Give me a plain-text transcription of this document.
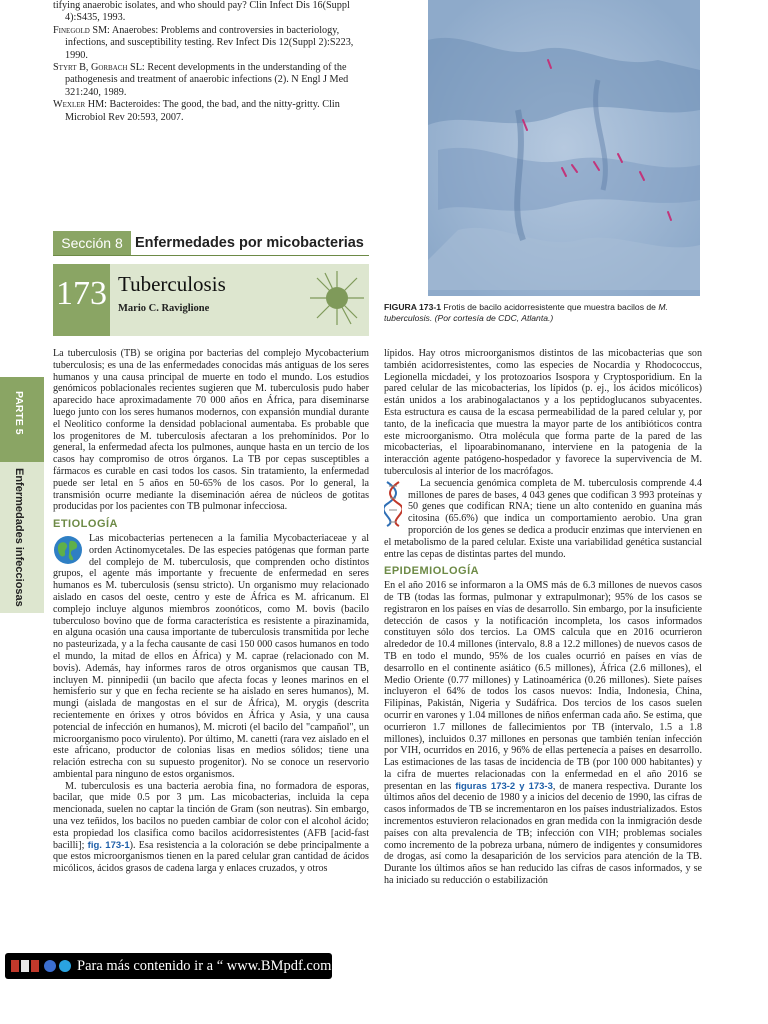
tifying anaerobic isolates, and who should pay? Clin Infect Dis 16(Suppl 4):S435, 1993.

Finegold SM: Anaerobes: Problems and controversies in bacteriology, infections, and susceptibility testing. Rev Infect Dis 12(Suppl 2):S223, 1990.

Styrt B, Gorbach SL: Recent developments in the understanding of the pathogenesis and treatment of anaerobic infections (2). N Engl J Med 321:240, 1989.

Wexler HM: Bacteroides: The good, the bad, and the nitty-gritty. Clin Microbiol Rev 20:593, 2007.

FIGURA 173-1 Frotis de bacilo acidorresistente que muestra bacilos de M. tuberculosis. (Por cortesía de CDC, Atlanta.)
Sección 8 Enfermedades por micobacterias
173 Tuberculosis
Mario C. Raviglione
PARTE 5
Enfermedades infecciosas

La tuberculosis (TB) se origina por bacterias del complejo Mycobacterium tuberculosis; es una de las enfermedades conocidas más antiguas de los seres humanos y una causa principal de muerte en todo el mundo. Los estudios genómicos poblacionales recientes sugieren que M. tuberculosis pudo haber aparecido hace aproximadamente 70 000 años en África, para diseminarse luego junto con los seres humanos modernos, con expansión mundial durante el Neolítico conforme la densidad poblacional aumentaba. Es probable que los progenitores de M. tuberculosis afectaran a los prehomínidos. Por lo general, la enfermedad afecta los pulmones, aunque hasta en un tercio de los casos hay compromiso de otros órganos. La TB por cepas susceptibles a fármacos es curable en casi todos los casos. Sin tratamiento, la enfermedad puede ser letal en 5 años en 50-65% de los casos. Por lo general, la transmisión ocurre mediante la diseminación aérea de núcleos de gotitas producidas por los pacientes con TB pulmonar infecciosa.

ETIOLOGÍA

Las micobacterias pertenecen a la familia Mycobacteriaceae y al orden Actinomycetales. De las especies patógenas que forman parte del complejo de M. tuberculosis, que comprenden ocho distintos grupos, el agente más importante y frecuente de enfermedad en seres humanos es M. tuberculosis (sensu stricto). Un organismo muy relacionado aislado en casos del oeste, centro y este de África es M. africanum. El complejo incluye algunos miembros zoonóticos, como M. bovis (bacilo tuberculoso bovino que de forma característica es resistente a pirazinamida, en alguna ocasión una causa importante de tuberculosis transmitida por leche no pasteurizada, y a la fecha causante de casi 150 000 casos humanos en todo el mundo, la mitad de ellos en África) y M. caprae (relacionado con M. bovis). Además, hay informes raros de otros organismos que causan TB, incluyen M. pinnipedii (un bacilo que afecta focas y leones marinos en el hemisferio sur y que en fecha reciente se ha aislado en seres humanos), M. mungi (aislada de mangostas en el sur de África), M. orygis (descrita recientemente en órixes y otros bóvidos en África y Asia, y una causa potencial de infección en humanos), M. microti (el bacilo del "campañol", un microorganismo poco virulento). Por último, M. canetti (rara vez aislado en el este africano, productor de colonias lisas en medios sólidos; tiene una relación estrecha con su supuesto progenitor). No se conoce un reservorio ambiental para ninguno de estos organismos.

M. tuberculosis es una bacteria aerobia fina, no formadora de esporas, bacilar, que mide 0.5 por 3 µm. Las micobacterias, incluida la cepa mencionada, suelen no captar la tinción de Gram (son neutras). Sin embargo, una vez teñidos, los bacilos no pueden cambiar de color con el alcohol ácido; esta propiedad los clasifica como bacilos acidorresistentes (AFB [acid-fast bacilli]; fig. 173-1). Esa resistencia a la coloración se debe principalmente a que estos microorganismos tienen en la pared celular gran cantidad de ácidos micólicos, ácidos grasos de cadena larga y enlaces cruzados, y otros

lípidos. Hay otros microorganismos distintos de las micobacterias que son también acidorresistentes, como las especies de Nocardia y Rhodococcus, Legionella micdadei, y los protozoarios Isospora y Cryptosporidium. En la pared celular de las micobacterias, los lípidos (p. ej., los ácidos micólicos) están unidos a los arabinogalactanos y a los peptidoglucanos subyacentes. Esta estructura es causa de la escasa permeabilidad de la pared celular y, por tanto, de la ineficacia que muestra la mayor parte de los antibióticos contra este microorganismo. Otra molécula que forma parte de la pared de las micobacterias, el lipoarabinomanano, interviene en la patogenia de la interacción agente patógeno-hospedador y favorece la supervivencia de M. tuberculosis al interior de los macrófagos.

La secuencia genómica completa de M. tuberculosis comprende 4.4 millones de pares de bases, 4 043 genes que codifican 3 993 proteínas y 50 genes que codifican RNA; tiene un alto contenido en guanina más citosina (65.6%) que indica un comportamiento aerobio. Una gran proporción de los genes se dedica a producir enzimas que intervienen en el metabolismo de la pared celular. Existe una variabilidad genética sustancial entre las cepas de distintas partes del mundo.

EPIDEMIOLOGÍA

En el año 2016 se informaron a la OMS más de 6.3 millones de nuevos casos de TB (todas las formas, pulmonar y extrapulmonar); 95% de los casos se registraron en los países en vías de desarrollo. Sin embargo, por la insuficiente detección de casos y la notificación incompleta, los casos informados constituyen sólo dos tercios. La OMS calcula que en 2016 ocurrieron alrededor de 10.4 millones (intervalo, 8.8 a 12.2 millones) de nuevos casos de TB en todo el mundo, 95% de los cuales ocurrió en países en vías de desarrollo en el continente asiático (6.5 millones), África (2.6 millones), el Medio Oriente (0.77 millones) y Latinoamérica (0.26 millones). Siete países incluyeron el 64% de todos los casos nuevos: India, Indonesia, China, Filipinas, Pakistán, Nigeria y Sudáfrica. Dos tercios de los casos suelen ocurrir en varones y 1.04 millones de niños enferman cada año. Se estima, que ocurrieron 1.7 millones de fallecimientos por TB (intervalo, 1.5 a 1.8 millones), incluidos 0.37 millones en personas que también tenían infección por VIH, ocurridos en 2016, y 96% de ellas pertenecía a países en desarrollo. Las estimaciones de las tasas de incidencia de TB (por 100 000 habitantes) y la cifra de muertes relacionadas con la enfermedad en el año 2016 se presentan en las figuras 173-2 y 173-3, de manera respectiva. Durante los últimos años del decenio de 1980 y a inicios del decenio de 1990, las cifras de casos informados de TB se incrementaron en los países industrializados. Estos incrementos estuvieron relacionados en gran medida con la inmigración desde países con alta prevalencia de TB; infección con VIH; problemas sociales como incremento de la pobreza urbana, número de indigentes y consumidores de drogas, así como la desaparición de los servicios para atención de la TB. Durante los últimos años se han reducido las cifras de casos informados, y se ha iniciado su reducción o estabilización

Para más contenido ir a “ www.BMpdf.com ”
